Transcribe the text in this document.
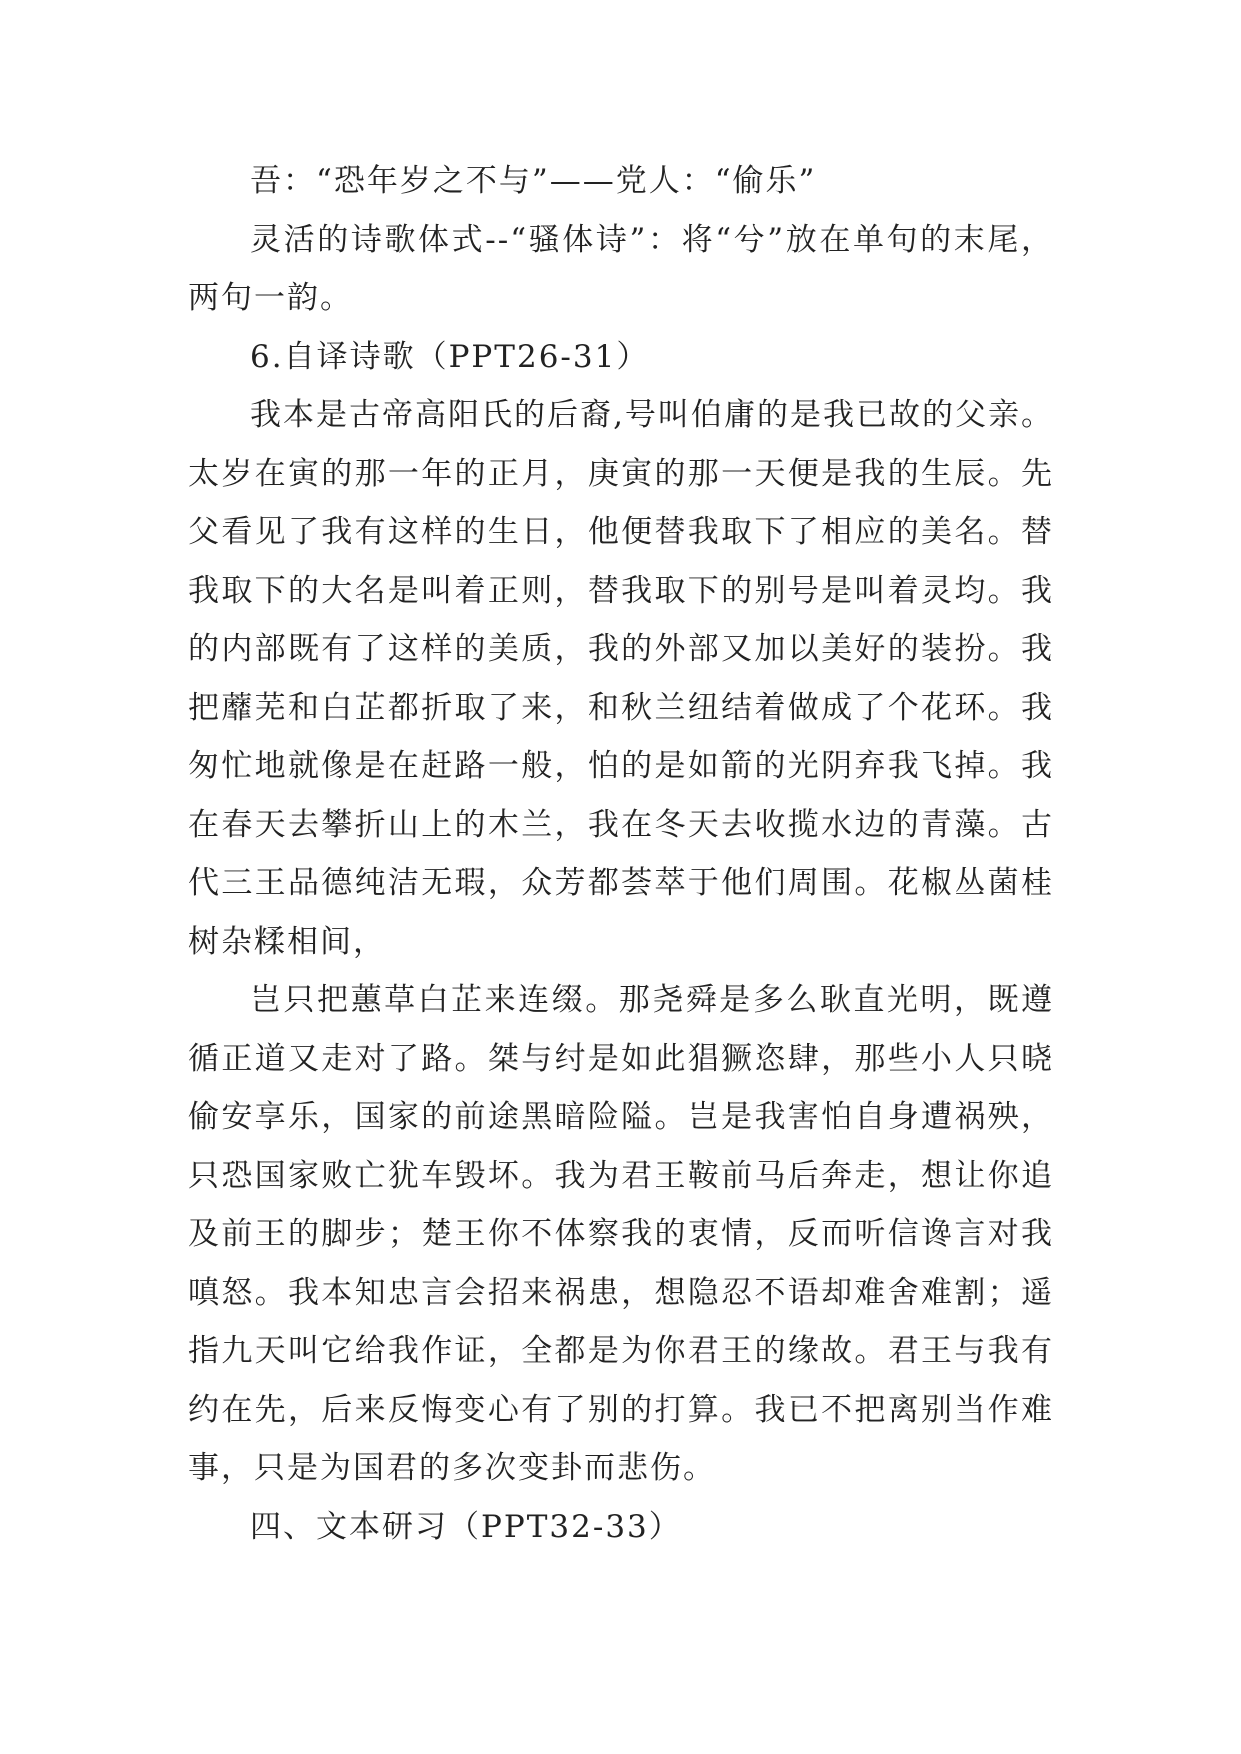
吾：“恐年岁之不与”——党人：“偷乐”

灵活的诗歌体式--“骚体诗”：将“兮”放在单句的末尾，两句一韵。

6.自译诗歌（PPT26-31）

我本是古帝高阳氏的后裔,号叫伯庸的是我已故的父亲。太岁在寅的那一年的正月，庚寅的那一天便是我的生辰。先父看见了我有这样的生日，他便替我取下了相应的美名。替我取下的大名是叫着正则，替我取下的别号是叫着灵均。我的内部既有了这样的美质，我的外部又加以美好的装扮。我把蘼芜和白芷都折取了来，和秋兰纽结着做成了个花环。我匆忙地就像是在赶路一般，怕的是如箭的光阴弃我飞掉。我在春天去攀折山上的木兰，我在冬天去收揽水边的青藻。古代三王品德纯洁无瑕，众芳都荟萃于他们周围。花椒丛菌桂树杂糅相间，

岂只把蕙草白芷来连缀。那尧舜是多么耿直光明，既遵循正道又走对了路。桀与纣是如此猖獗恣肆，那些小人只晓偷安享乐，国家的前途黑暗险隘。岂是我害怕自身遭祸殃，只恐国家败亡犹车毁坏。我为君王鞍前马后奔走，想让你追及前王的脚步；楚王你不体察我的衷情，反而听信谗言对我嗔怒。我本知忠言会招来祸患，想隐忍不语却难舍难割；遥指九天叫它给我作证，全都是为你君王的缘故。君王与我有约在先，后来反悔变心有了别的打算。我已不把离别当作难事，只是为国君的多次变卦而悲伤。

四、文本研习（PPT32-33）
